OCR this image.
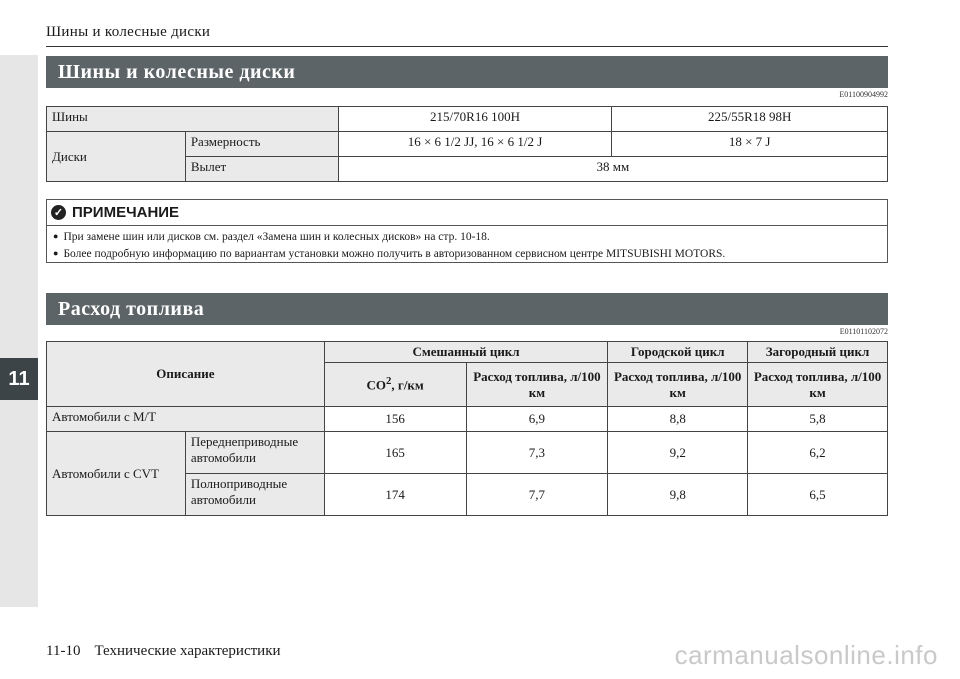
11
Шины и колесные диски
Шины и колесные диски
E01100904992
Шины		215/70R16 100H	225/55R18 98H
Диски	Размерность	16 × 6 1/2 JJ, 16 × 6 1/2 J	18 × 7 J
	Вылет	38 мм	
✓ ПРИМЕЧАНИЕ
● При замене шин или дисков см. раздел «Замена шин и колесных дисков» на стр. 10-18.
● Более подробную информацию по вариантам установки можно получить в авторизованном сервисном центре MITSUBISHI MOTORS.
Расход топлива
E01101102072
Описание		Смешанный цикл		Городской цикл	Загородный цикл
		$CO^2$, г/км	Расход топлива, л/100 км	Расход топлива, л/100 км	Расход топлива, л/100 км
Автомобили с M/T		156	6,9	8,8	5,8
Автомобили с CVT	Переднеприводные автомобили	165	7,3	9,2	6,2
	Полноприводные автомобили	174	7,7	9,8	6,5
11-10 Технические характеристики	carmanualsonline.info
